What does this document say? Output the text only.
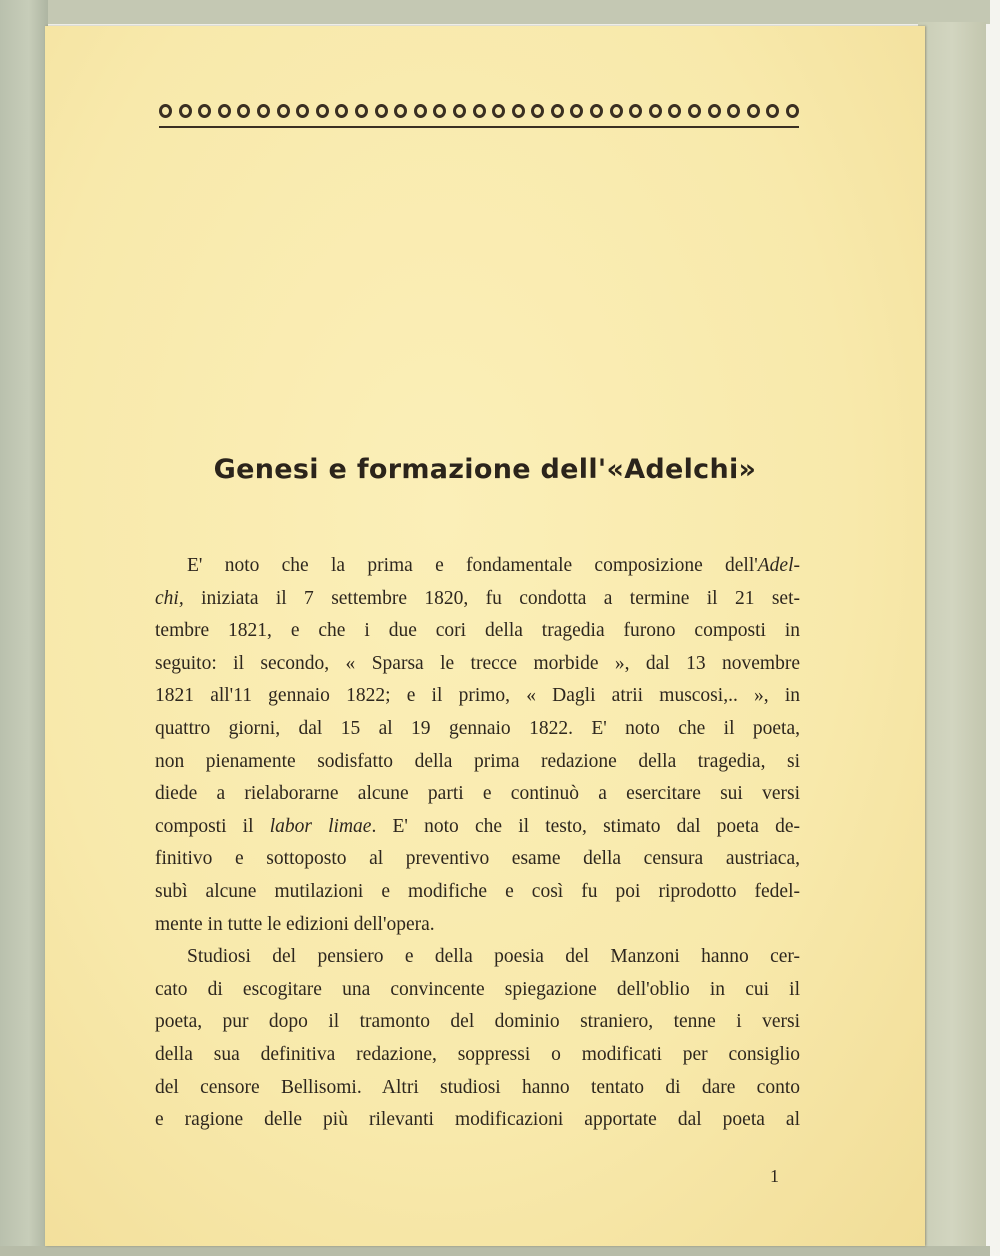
Genesi e formazione dell'«Adelchi»
E' noto che la prima e fondamentale composizione dell'Adel-
chi, iniziata il 7 settembre 1820, fu condotta a termine il 21 set-
tembre 1821, e che i due cori della tragedia furono composti in
seguito: il secondo, « Sparsa le trecce morbide », dal 13 novembre
1821 all'11 gennaio 1822; e il primo, « Dagli atrii muscosi,.. », in
quattro giorni, dal 15 al 19 gennaio 1822. E' noto che il poeta,
non pienamente sodisfatto della prima redazione della tragedia, si
diede a rielaborarne alcune parti e continuò a esercitare sui versi
composti il labor limae. E' noto che il testo, stimato dal poeta de-
finitivo e sottoposto al preventivo esame della censura austriaca,
subì alcune mutilazioni e modifiche e così fu poi riprodotto fedel-
mente in tutte le edizioni dell'opera.
Studiosi del pensiero e della poesia del Manzoni hanno cer-
cato di escogitare una convincente spiegazione dell'oblio in cui il
poeta, pur dopo il tramonto del dominio straniero, tenne i versi
della sua definitiva redazione, soppressi o modificati per consiglio
del censore Bellisomi. Altri studiosi hanno tentato di dare conto
e ragione delle più rilevanti modificazioni apportate dal poeta al
1
